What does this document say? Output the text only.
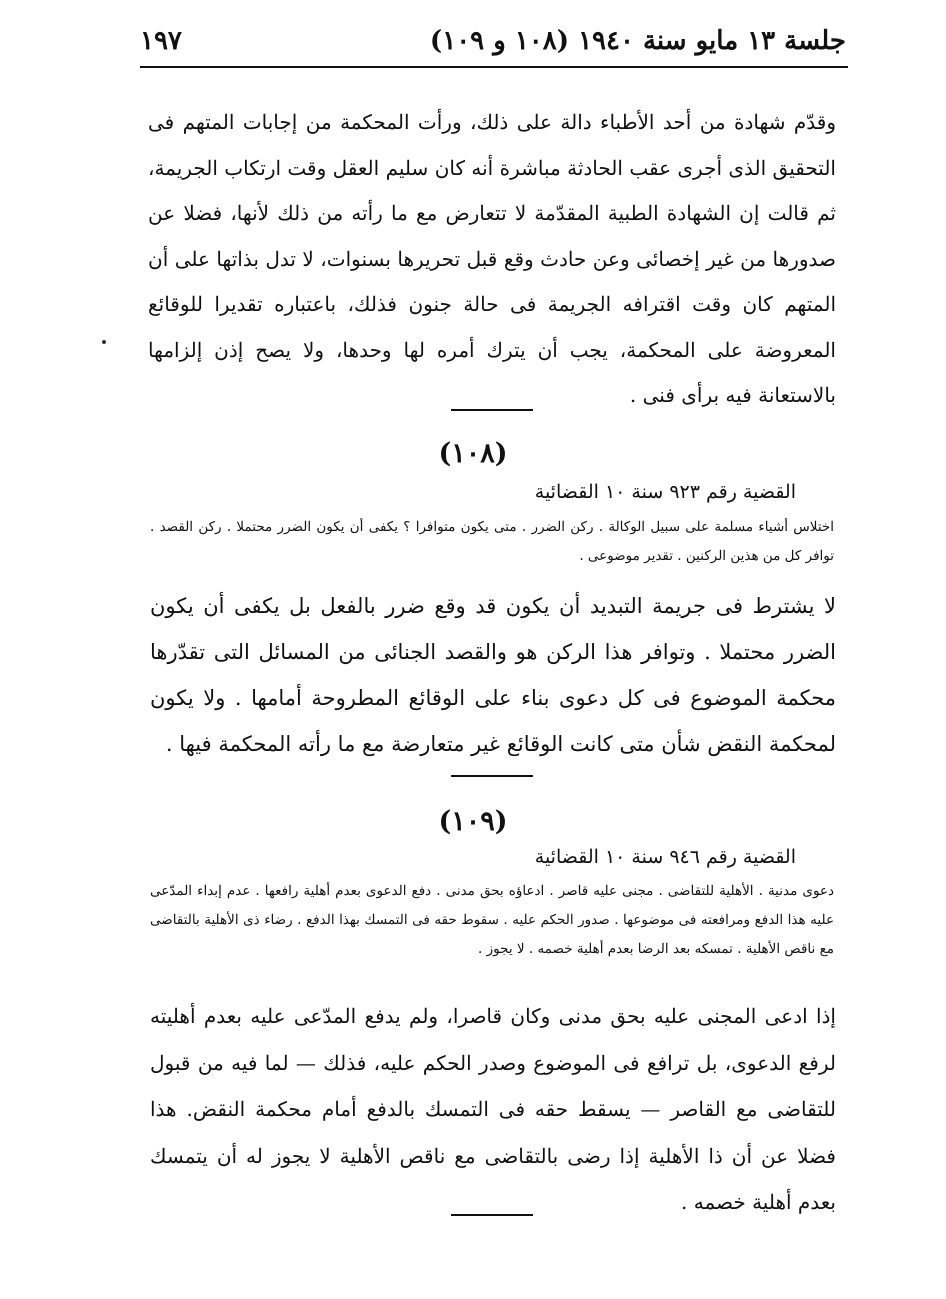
جلسة ١٣ مايو سنة ١٩٤٠ (١٠٨ و ١٠٩)
١٩٧
وقدّم شهادة من أحد الأطباء دالة على ذلك، ورأت المحكمة من إجابات المتهم فى التحقيق الذى أجرى عقب الحادثة مباشرة أنه كان سليم العقل وقت ارتكاب الجريمة، ثم قالت إن الشهادة الطبية المقدّمة لا تتعارض مع ما رأته من ذلك لأنها، فضلا عن صدورها من غير إخصائى وعن حادث وقع قبل تحريرها بسنوات، لا تدل بذاتها على أن المتهم كان وقت اقترافه الجريمة فى حالة جنون فذلك، باعتباره تقديرا للوقائع المعروضة على المحكمة، يجب أن يترك أمره لها وحدها، ولا يصح إذن إلزامها بالاستعانة فيه برأى فنى .
(١٠٨)
القضية رقم ٩٢٣ سنة ١٠ القضائية
اختلاس أشياء مسلمة على سبيل الوكالة . ركن الضرر . متى يكون متوافرا ؟ يكفى أن يكون الضرر محتملا . ركن القصد . توافر كل من هذين الركنين . تقدير موضوعى .
لا يشترط فى جريمة التبديد أن يكون قد وقع ضرر بالفعل بل يكفى أن يكون الضرر محتملا . وتوافر هذا الركن هو والقصد الجنائى من المسائل التى تقدّرها محكمة الموضوع فى كل دعوى بناء على الوقائع المطروحة أمامها . ولا يكون لمحكمة النقض شأن متى كانت الوقائع غير متعارضة مع ما رأته المحكمة فيها .
(١٠٩)
القضية رقم ٩٤٦ سنة ١٠ القضائية
دعوى مدنية . الأهلية للتقاضى . مجنى عليه قاصر . ادعاؤه بحق مدنى . دفع الدعوى بعدم أهلية رافعها . عدم إبداء المدّعى عليه هذا الدفع ومرافعته فى موضوعها . صدور الحكم عليه . سقوط حقه فى التمسك بهذا الدفع . رضاء ذى الأهلية بالتقاضى مع ناقص الأهلية . تمسكه بعد الرضا بعدم أهلية خصمه . لا يجوز .
إذا ادعى المجنى عليه بحق مدنى وكان قاصرا، ولم يدفع المدّعى عليه بعدم أهليته لرفع الدعوى، بل ترافع فى الموضوع وصدر الحكم عليه، فذلك — لما فيه من قبول للتقاضى مع القاصر — يسقط حقه فى التمسك بالدفع أمام محكمة النقض. هذا فضلا عن أن ذا الأهلية إذا رضى بالتقاضى مع ناقص الأهلية لا يجوز له أن يتمسك بعدم أهلية خصمه .
